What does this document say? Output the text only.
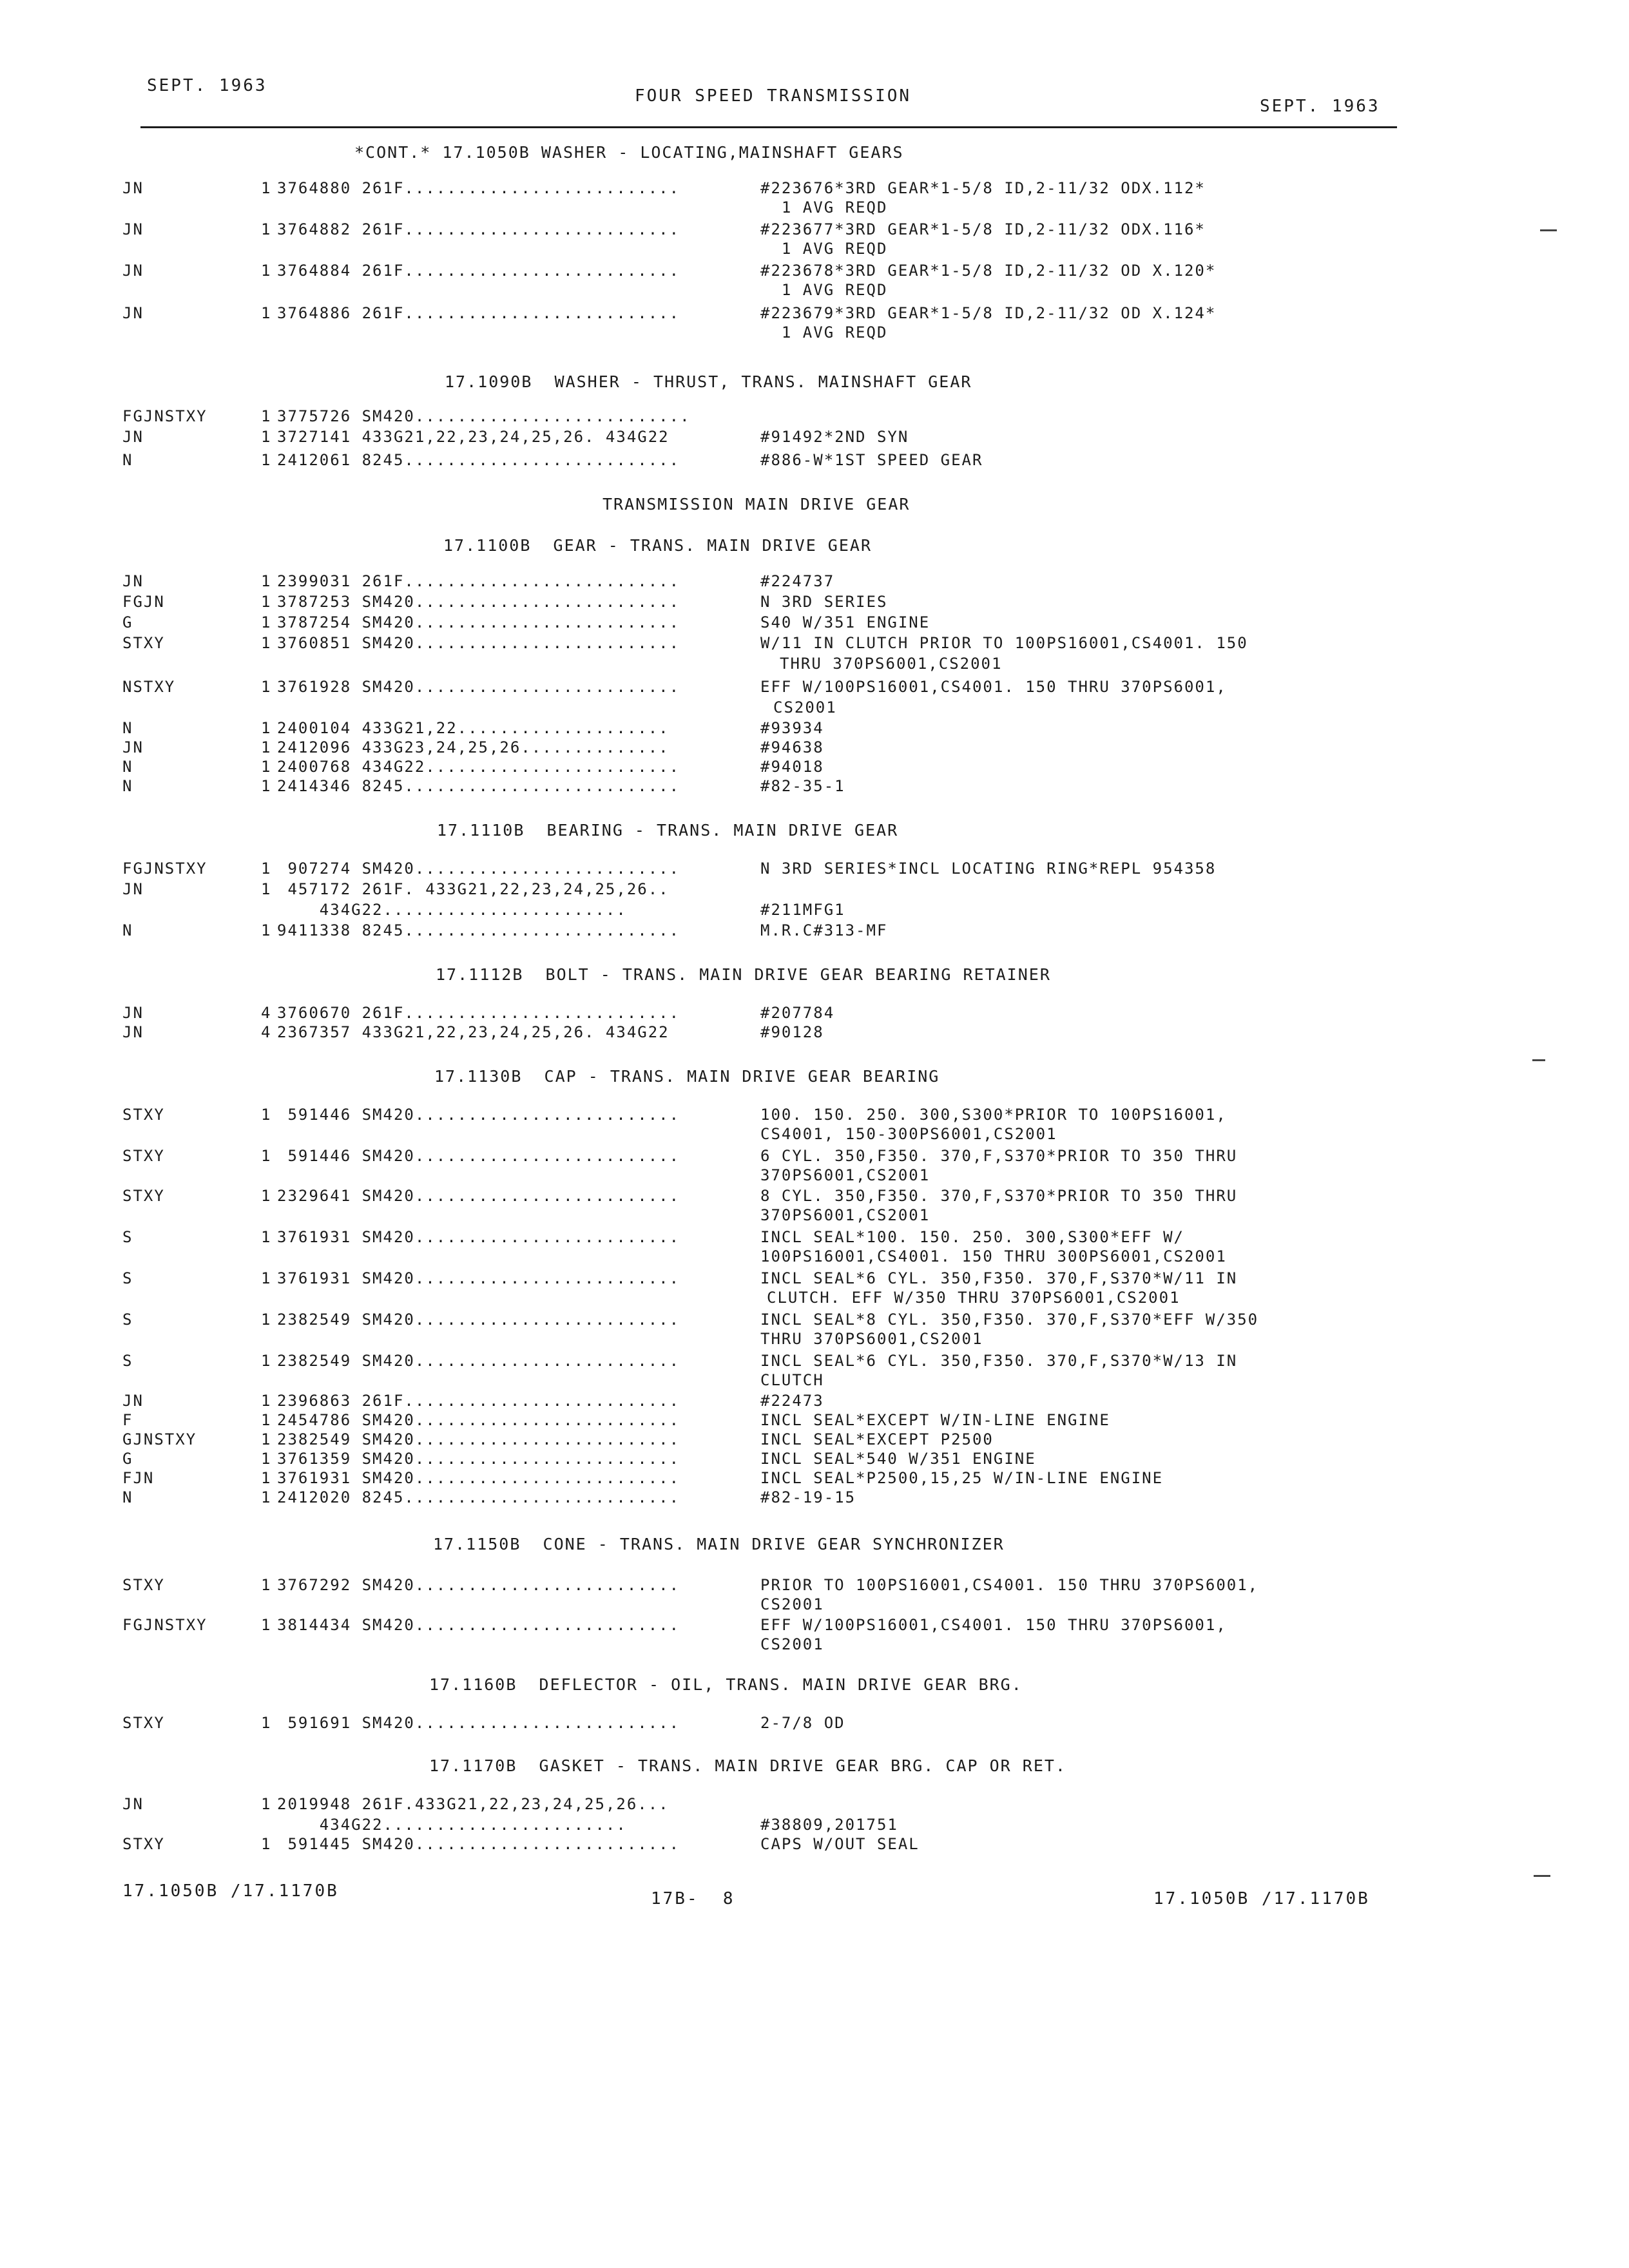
SEPT. 1963
FOUR SPEED TRANSMISSION
SEPT. 1963
*CONT.* 17.1050B WASHER - LOCATING,MAINSHAFT GEARS
17.1090B  WASHER - THRUST, TRANS. MAINSHAFT GEAR
TRANSMISSION MAIN DRIVE GEAR
17.1100B  GEAR - TRANS. MAIN DRIVE GEAR
17.1110B  BEARING - TRANS. MAIN DRIVE GEAR
17.1112B  BOLT - TRANS. MAIN DRIVE GEAR BEARING RETAINER
17.1130B  CAP - TRANS. MAIN DRIVE GEAR BEARING
17.1150B  CONE - TRANS. MAIN DRIVE GEAR SYNCHRONIZER
17.1160B  DEFLECTOR - OIL, TRANS. MAIN DRIVE GEAR BRG.
17.1170B  GASKET - TRANS. MAIN DRIVE GEAR BRG. CAP OR RET.
JN	1 3764880 261F..........................	#223676*3RD GEAR*1-5/8 ID,2-11/32 ODX.112*
1 AVG REQD
JN	1 3764882 261F..........................	#223677*3RD GEAR*1-5/8 ID,2-11/32 ODX.116*
1 AVG REQD
JN	1 3764884 261F..........................	#223678*3RD GEAR*1-5/8 ID,2-11/32 OD X.120*
1 AVG REQD
JN	1 3764886 261F..........................	#223679*3RD GEAR*1-5/8 ID,2-11/32 OD X.124*
1 AVG REQD
FGJNSTXY	1 3775726 SM420..........................
JN	1 3727141 433G21,22,23,24,25,26. 434G22	#91492*2ND SYN
N	1 2412061 8245..........................	#886-W*1ST SPEED GEAR
JN	1 2399031 261F..........................	#224737
FGJN	1 3787253 SM420.........................	N 3RD SERIES
G	1 3787254 SM420.........................	S40 W/351 ENGINE
STXY	1 3760851 SM420.........................	W/11 IN CLUTCH PRIOR TO 100PS16001,CS4001. 150
THRU 370PS6001,CS2001
NSTXY	1 3761928 SM420.........................	EFF W/100PS16001,CS4001. 150 THRU 370PS6001,
CS2001
N	1 2400104 433G21,22....................	#93934
JN	1 2412096 433G23,24,25,26..............	#94638
N	1 2400768 434G22........................	#94018
N	1 2414346 8245..........................	#82-35-1
FGJNSTXY	1 907274 SM420.........................	N 3RD SERIES*INCL LOCATING RING*REPL 954358
JN	1 457172 261F. 433G21,22,23,24,25,26..
434G22.......................	#211MFG1
N	1 9411338 8245..........................	M.R.C#313-MF
JN	4 3760670 261F..........................	#207784
JN	4 2367357 433G21,22,23,24,25,26. 434G22	#90128
STXY	1 591446 SM420.........................	100. 150. 250. 300,S300*PRIOR TO 100PS16001,
CS4001, 150-300PS6001,CS2001
STXY	1 591446 SM420.........................	6 CYL. 350,F350. 370,F,S370*PRIOR TO 350 THRU
370PS6001,CS2001
STXY	1 2329641 SM420.........................	8 CYL. 350,F350. 370,F,S370*PRIOR TO 350 THRU
370PS6001,CS2001
S	1 3761931 SM420.........................	INCL SEAL*100. 150. 250. 300,S300*EFF W/
100PS16001,CS4001. 150 THRU 300PS6001,CS2001
S	1 3761931 SM420.........................	INCL SEAL*6 CYL. 350,F350. 370,F,S370*W/11 IN
CLUTCH. EFF W/350 THRU 370PS6001,CS2001
S	1 2382549 SM420.........................	INCL SEAL*8 CYL. 350,F350. 370,F,S370*EFF W/350
THRU 370PS6001,CS2001
S	1 2382549 SM420.........................	INCL SEAL*6 CYL. 350,F350. 370,F,S370*W/13 IN
CLUTCH
JN	1 2396863 261F..........................	#22473
F	1 2454786 SM420.........................	INCL SEAL*EXCEPT W/IN-LINE ENGINE
GJNSTXY	1 2382549 SM420.........................	INCL SEAL*EXCEPT P2500
G	1 3761359 SM420.........................	INCL SEAL*540 W/351 ENGINE
FJN	1 3761931 SM420.........................	INCL SEAL*P2500,15,25 W/IN-LINE ENGINE
N	1 2412020 8245..........................	#82-19-15
STXY	1 3767292 SM420.........................	PRIOR TO 100PS16001,CS4001. 150 THRU 370PS6001,
CS2001
FGJNSTXY	1 3814434 SM420.........................	EFF W/100PS16001,CS4001. 150 THRU 370PS6001,
CS2001
STXY	1 591691 SM420.........................	2-7/8 OD
JN	1 2019948 261F.433G21,22,23,24,25,26...
434G22.......................	#38809,201751
STXY	1 591445 SM420.........................	CAPS W/OUT SEAL
17.1050B /17.1170B	17B-  8	17.1050B /17.1170B
